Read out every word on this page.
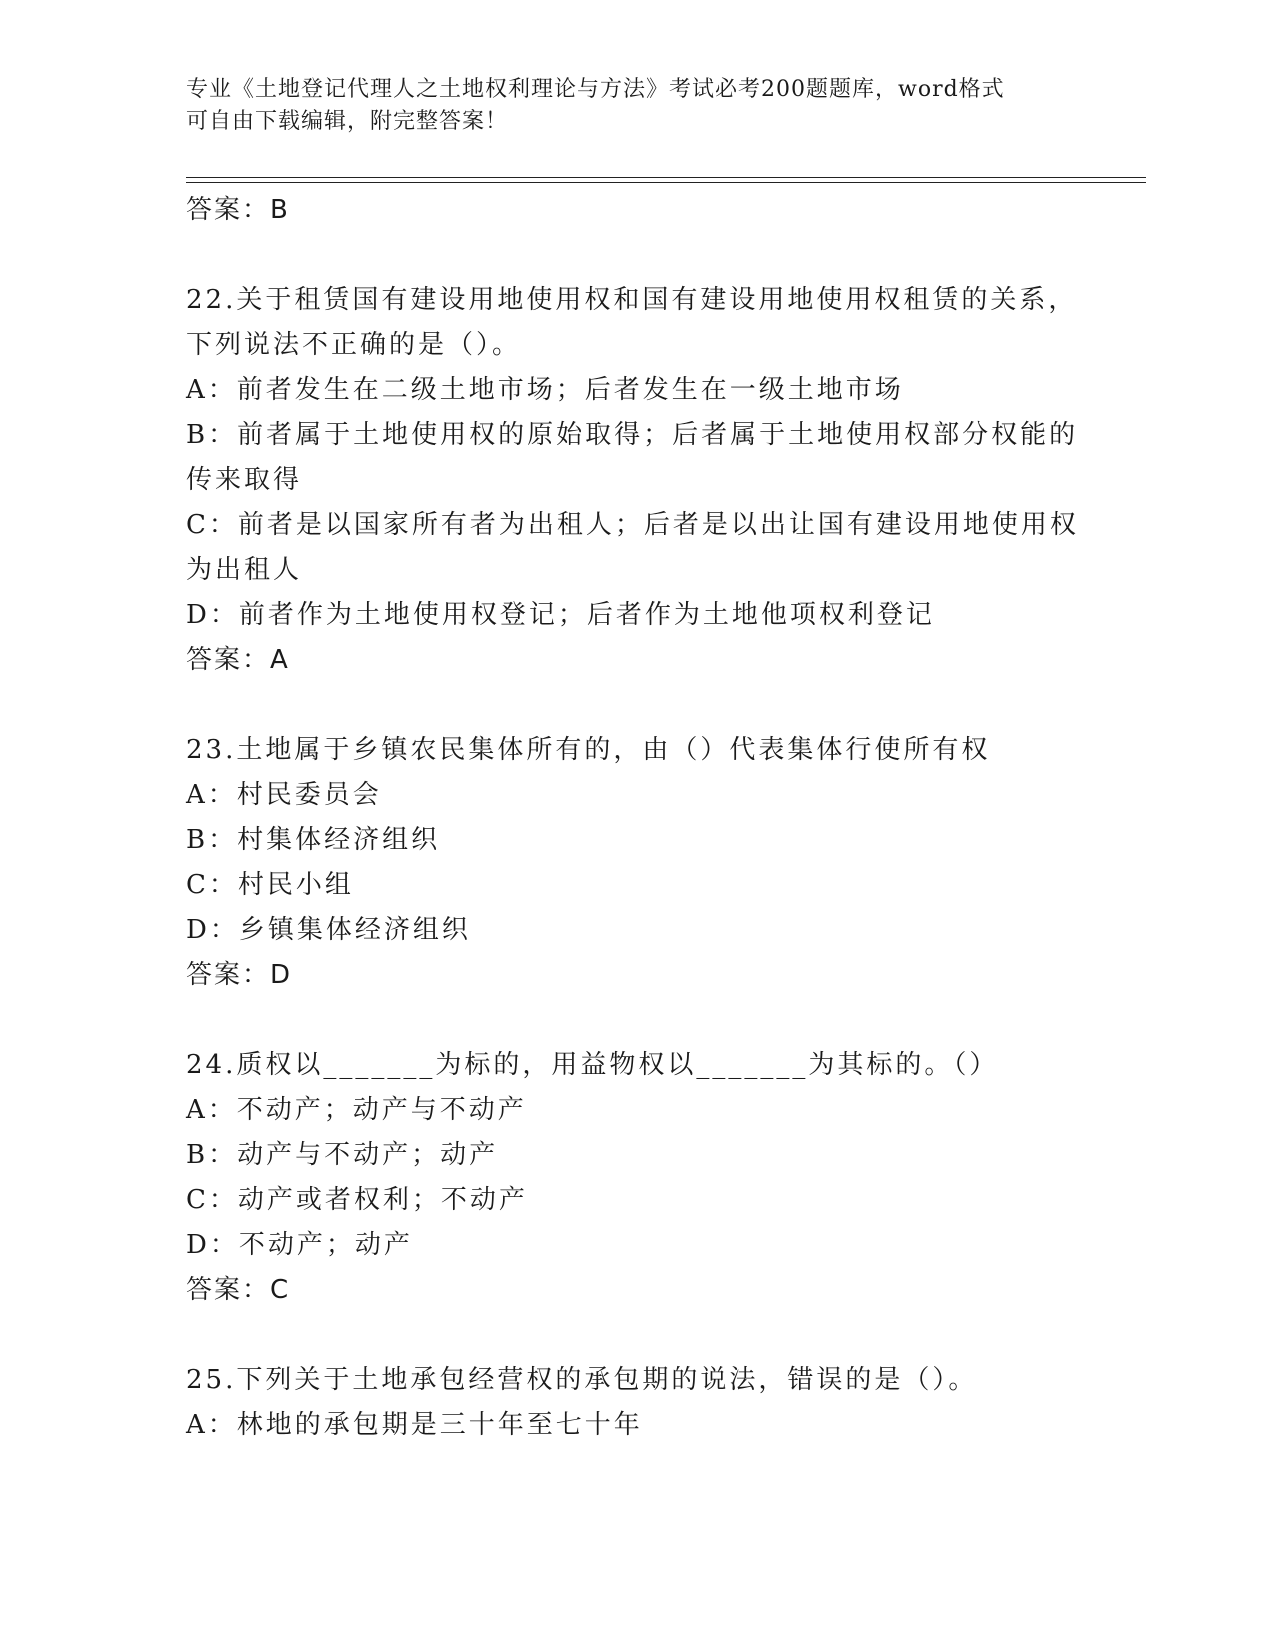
专业《土地登记代理人之土地权利理论与方法》考试必考200题题库，word格式
可自由下载编辑，附完整答案！
答案：B
22.关于租赁国有建设用地使用权和国有建设用地使用权租赁的关系，
下列说法不正确的是（）。
A：前者发生在二级土地市场；后者发生在一级土地市场
B：前者属于土地使用权的原始取得；后者属于土地使用权部分权能的
传来取得
C：前者是以国家所有者为出租人；后者是以出让国有建设用地使用权
为出租人
D：前者作为土地使用权登记；后者作为土地他项权利登记
答案：A
23.土地属于乡镇农民集体所有的，由（）代表集体行使所有权
A：村民委员会
B：村集体经济组织
C：村民小组
D：乡镇集体经济组织
答案：D
24.质权以_______为标的，用益物权以_______为其标的。（）
A：不动产；动产与不动产
B：动产与不动产；动产
C：动产或者权利；不动产
D：不动产；动产
答案：C
25.下列关于土地承包经营权的承包期的说法，错误的是（）。
A：林地的承包期是三十年至七十年
